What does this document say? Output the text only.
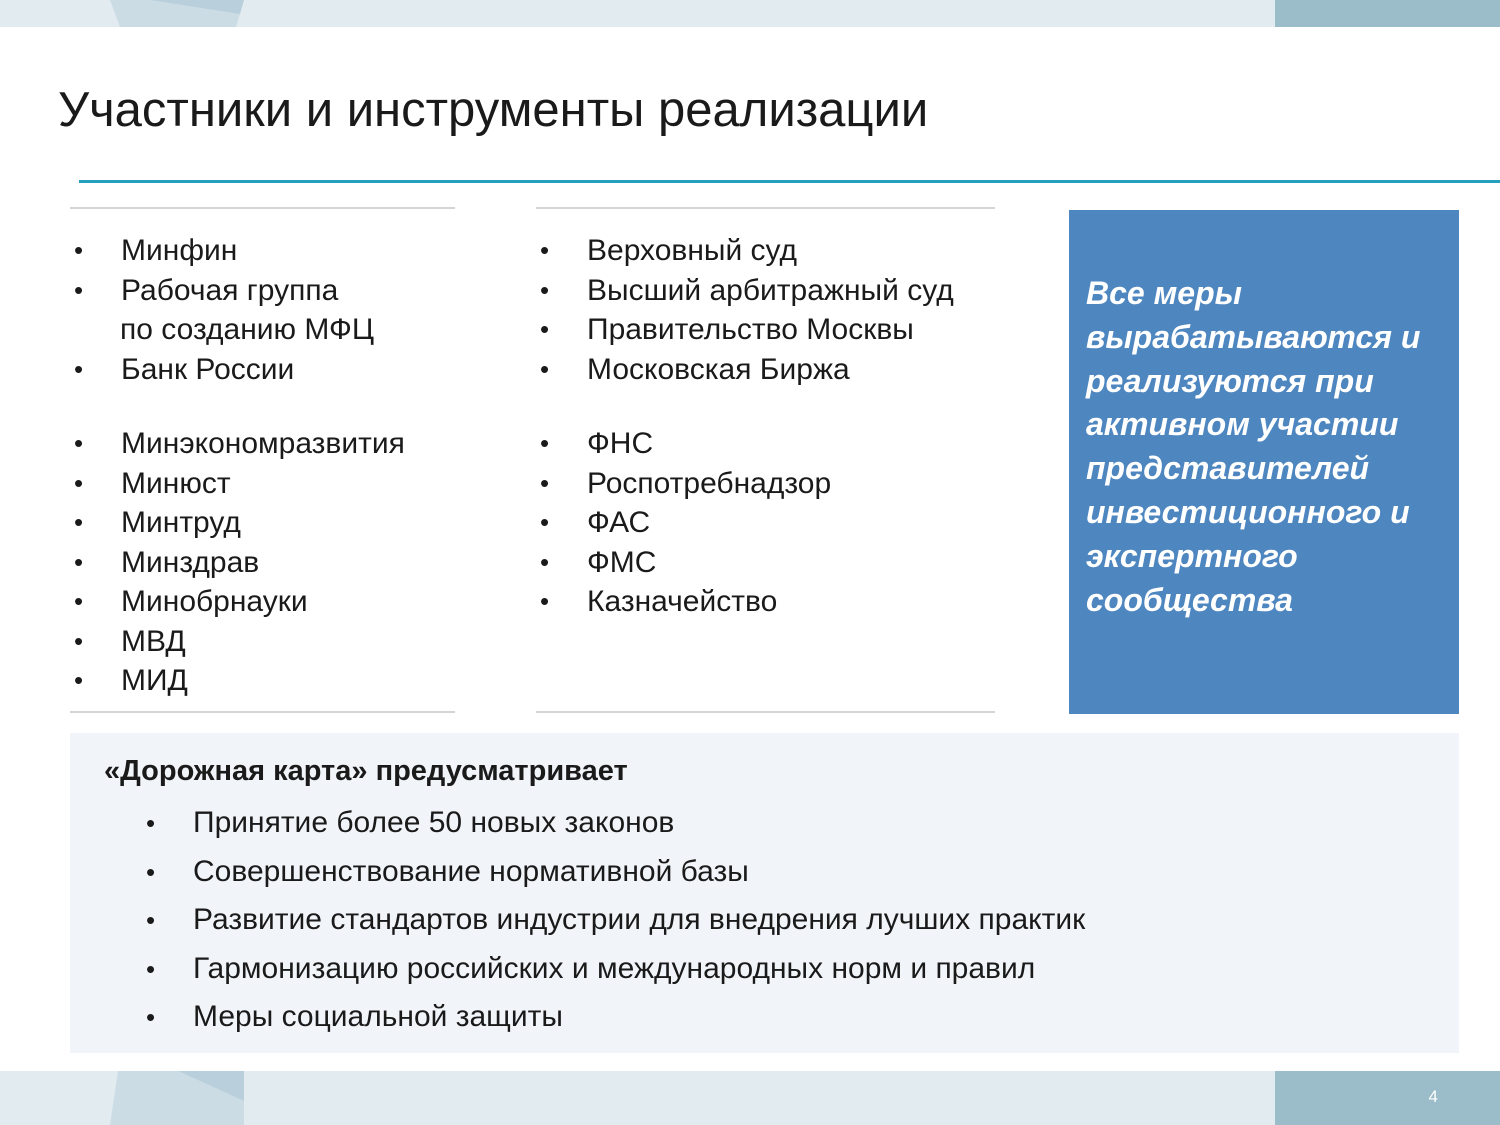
Участники и инструменты реализации
• Минфин
• Рабочая группа
по созданию МФЦ
• Банк России
• Минэкономразвития
• Минюст
• Минтруд
• Минздрав
• Минобрнауки
• МВД
• МИД
• Верховный суд
• Высший арбитражный суд
• Правительство Москвы
• Московская Биржа
• ФНС
• Роспотребнадзор
• ФАС
• ФМС
• Казначейство

Все меры вырабатываются и реализуются при активном участии представителей инвестиционного и экспертного сообщества

«Дорожная карта» предусматривает
• Принятие более 50 новых законов
• Совершенствование нормативной базы
• Развитие стандартов индустрии для внедрения лучших практик
• Гармонизацию российских и международных норм и правил
• Меры социальной защиты
4
